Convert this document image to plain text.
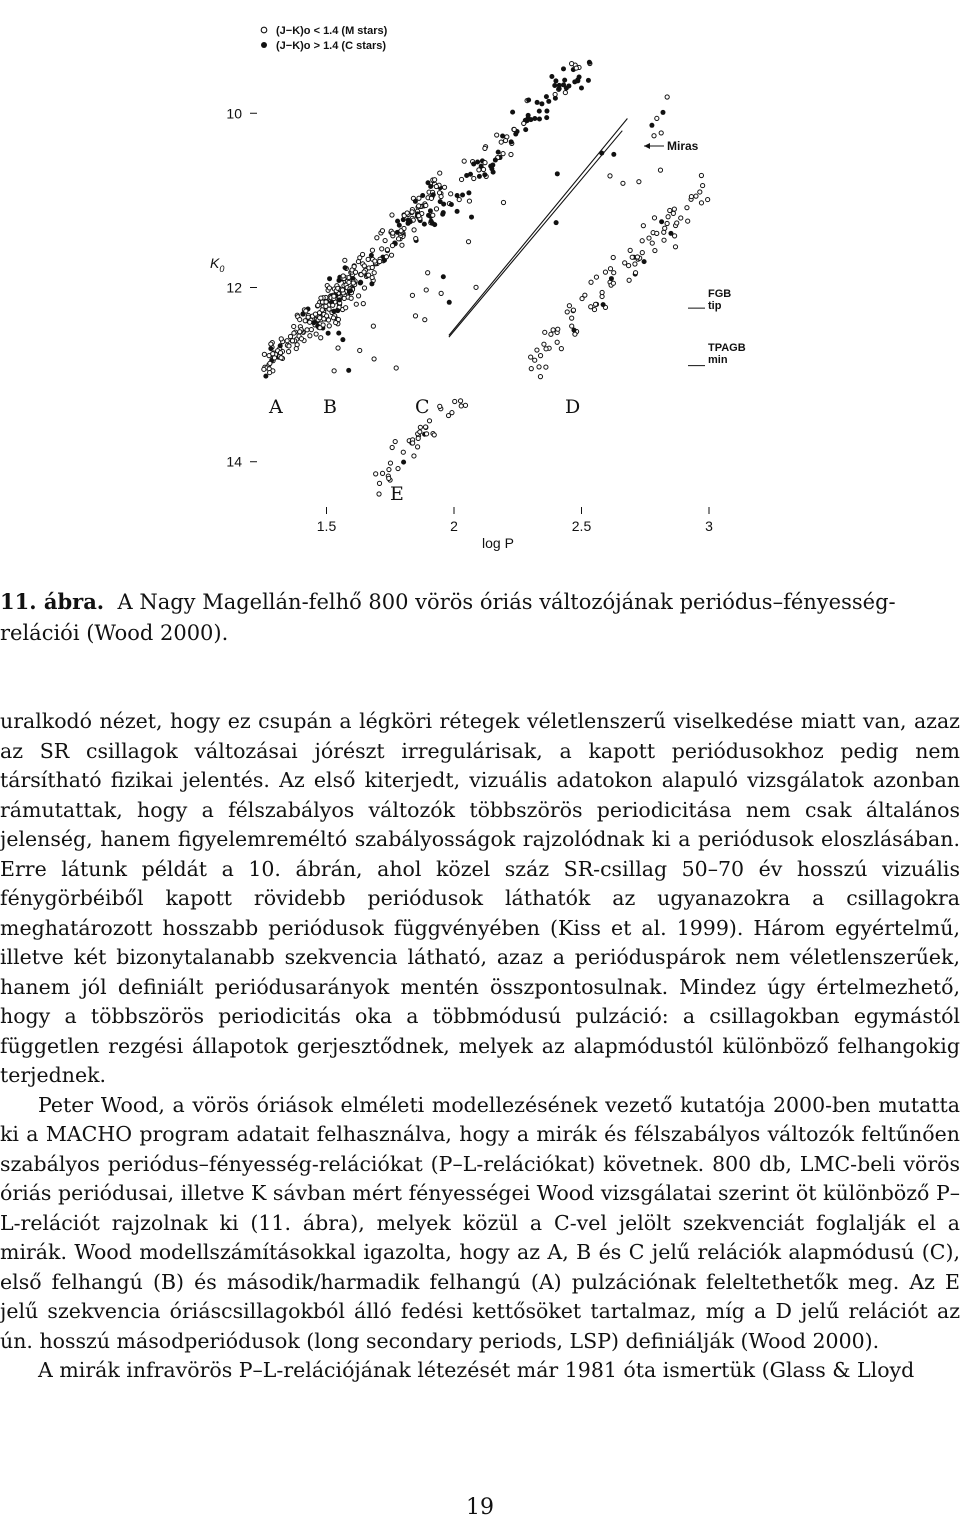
1.5	2	2.5	3
10
12
14
(J−K)o < 1.4 (M stars)
(J−K)o > 1.4 (C stars)
Miras
FGB
tip
TPAGB
min
A B	C	D
E
$K_0$
log P
11. ábra. A Nagy Magellán-felhő 800 vörös óriás változójának periódus–fényesség-relációi (Wood 2000).

uralkodó nézet, hogy ez csupán a légköri rétegek véletlenszerű viselkedése miatt van, azaz az SR csillagok változásai jórészt irregulárisak, a kapott periódusokhoz pedig nem társítható fizikai jelentés. Az első kiterjedt, vizuális adatokon alapuló vizsgálatok azonban rámutattak, hogy a félszabályos változók többszörös periodicitása nem csak általános jelenség, hanem figyelemreméltó szabályosságok rajzolódnak ki a periódusok eloszlásában. Erre látunk példát a 10. ábrán, ahol közel száz SR-csillag 50–70 év hosszú vizuális fénygörbéiből kapott rövidebb periódusok láthatók az ugyanazokra a csillagokra meghatározott hosszabb periódusok függvényében (Kiss et al. 1999). Három egyértelmű, illetve két bizonytalanabb szekvencia látható, azaz a perióduspárok nem véletlenszerűek, hanem jól definiált periódusarányok mentén összpontosulnak. Mindez úgy értelmezhető, hogy a többszörös periodicitás oka a többmódusú pulzáció: a csillagokban egymástól független rezgési állapotok gerjesztődnek, melyek az alapmódustól különböző felhangokig terjednek.

Peter Wood, a vörös óriások elméleti modellezésének vezető kutatója 2000-ben mutatta ki a MACHO program adatait felhasználva, hogy a mirák és félszabályos változók feltűnően szabályos periódus–fényesség-relációkat (P–L-relációkat) követnek. 800 db, LMC-beli vörös óriás periódusai, illetve K sávban mért fényességei Wood vizsgálatai szerint öt különböző P–L-relációt rajzolnak ki (11. ábra), melyek közül a C-vel jelölt szekvenciát foglalják el a mirák. Wood modellszámításokkal igazolta, hogy az A, B és C jelű relációk alapmódusú (C), első felhangú (B) és második/harmadik felhangú (A) pulzációnak feleltethetők meg. Az E jelű szekvencia óriáscsillagokból álló fedési kettősöket tartalmaz, míg a D jelű relációt az ún. hosszú másodperiódusok (long secondary periods, LSP) definiálják (Wood 2000).

A mirák infravörös P–L-relációjának létezését már 1981 óta ismertük (Glass & Lloyd

19
